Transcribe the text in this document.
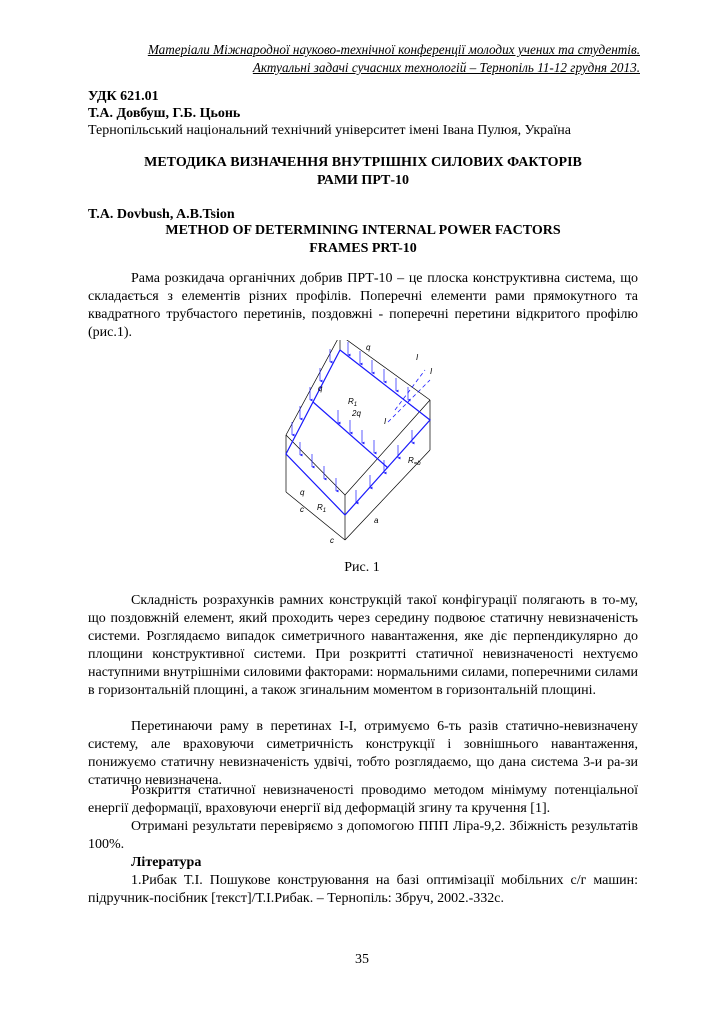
Матеріали Міжнародної науково-технічної конференції молодих учених та студентів.
Актуальні задачі сучасних технологій – Тернопіль 11-12 грудня 2013.
УДК 621.01
Т.А. Довбуш, Г.Б. Цьонь
Тернопільський національний технічний університет імені Івана Пулюя, Україна
МЕТОДИКА ВИЗНАЧЕННЯ ВНУТРІШНІХ СИЛОВИХ ФАКТОРІВ
РАМИ ПРТ-10
T.A. Dovbush, A.B.Tsion
METHOD OF DETERMINING INTERNAL POWER FACTORS
FRAMES PRT-10
Рама розкидача органічних добрив ПРТ-10 – це плоска конструктивна система, що складається з елементів різних профілів. Поперечні елементи рами прямокутного та квадратного трубчастого перетинів, поздовжні - поперечні перетини відкритого профілю (рис.1).
q
I
I
I
q
$R_1$
2q
q
$R_1$
$R_{=b}$
c
c
a
Рис. 1
Складність розрахунків рамних конструкцій такої конфігурації полягають в то-му, що поздовжній елемент, який проходить через середину подвоює статичну невизначеність системи. Розглядаємо випадок симетричного навантаження, яке діє перпендикулярно до площини конструктивної системи. При розкритті статичної невизначеності нехтуємо наступними внутрішніми силовими факторами: нормальними силами, поперечними силами в горизонтальній площині, а також згинальним моментом в горизонтальній площині.
Перетинаючи раму в перетинах I-I, отримуємо 6-ть разів статично-невизначену систему, але враховуючи симетричність конструкції і зовнішнього навантаження, понижуємо статичну невизначеність удвічі, тобто розглядаємо, що дана система 3-и ра-зи статично невизначена.
Розкриття статичної невизначеності проводимо методом мінімуму потенціальної енергії деформації, враховуючи енергії від деформацій згину та кручення [1].
Отримані результати перевіряємо з допомогою ППП Ліра-9,2. Збіжність результатів 100%.
Література
1.Рибак Т.І. Пошукове конструювання на базі оптимізації мобільних с/г машин: підручник-посібник [текст]/Т.І.Рибак. – Тернопіль: Збруч, 2002.-332с.
35
